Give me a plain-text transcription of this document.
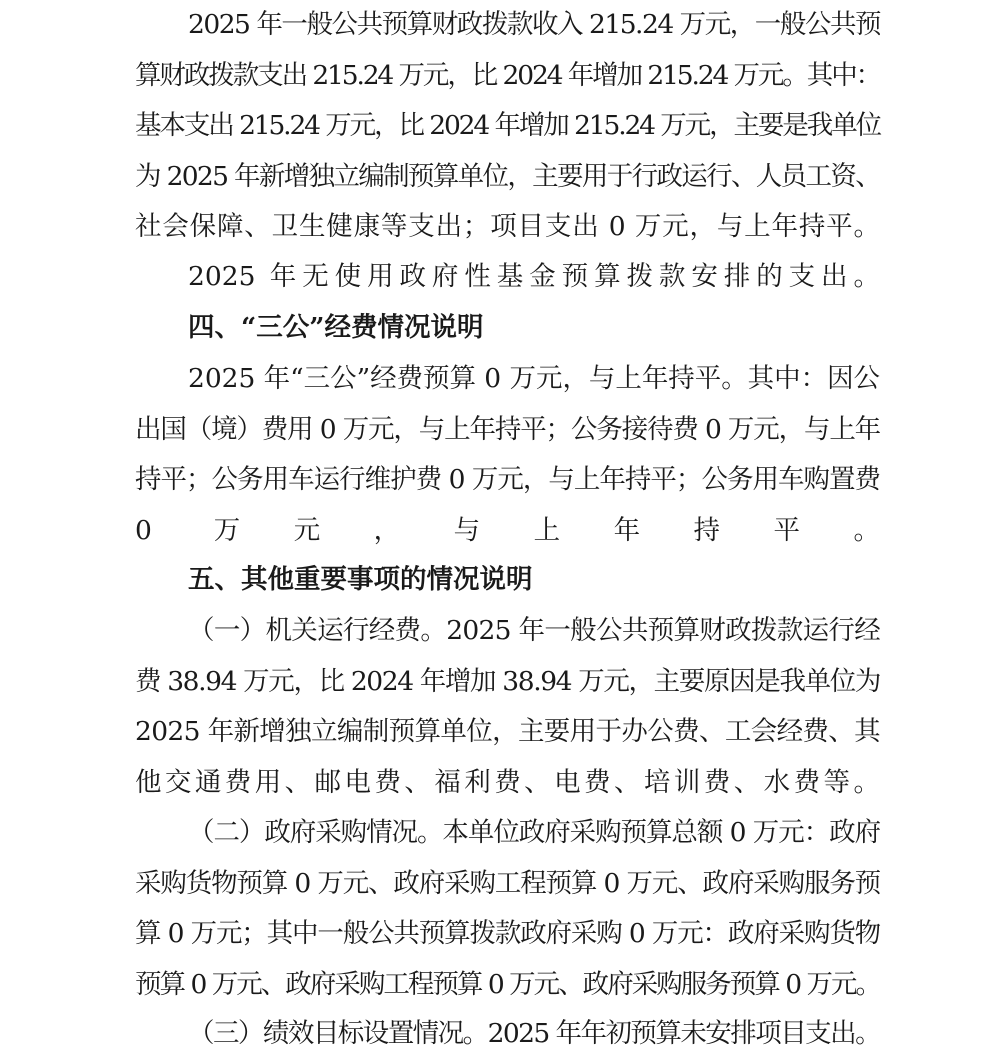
2025 年一般公共预算财政拨款收入 215.24 万元，一般公共预
算财政拨款支出 215.24 万元，比 2024 年增加 215.24 万元。其中：
基本支出 215.24 万元，比 2024 年增加 215.24 万元，主要是我单位
为 2025 年新增独立编制预算单位，主要用于行政运行、人员工资、
社会保障、卫生健康等支出；项目支出 0 万元，与上年持平。
2025 年无使用政府性基金预算拨款安排的支出。
四、“三公”经费情况说明
2025 年“三公”经费预算 0 万元，与上年持平。其中：因公
出国（境）费用 0 万元，与上年持平；公务接待费 0 万元，与上年
持平；公务用车运行维护费 0 万元，与上年持平；公务用车购置费
0 万元，与上年持平。
五、其他重要事项的情况说明
（一）机关运行经费。2025 年一般公共预算财政拨款运行经
费 38.94 万元，比 2024 年增加 38.94 万元，主要原因是我单位为
2025 年新增独立编制预算单位，主要用于办公费、工会经费、其
他交通费用、邮电费、福利费、电费、培训费、水费等。
（二）政府采购情况。本单位政府采购预算总额 0 万元：政府
采购货物预算 0 万元、政府采购工程预算 0 万元、政府采购服务预
算 0 万元；其中一般公共预算拨款政府采购 0 万元：政府采购货物
预算 0 万元、政府采购工程预算 0 万元、政府采购服务预算 0 万元。
（三）绩效目标设置情况。2025 年年初预算未安排项目支出。
